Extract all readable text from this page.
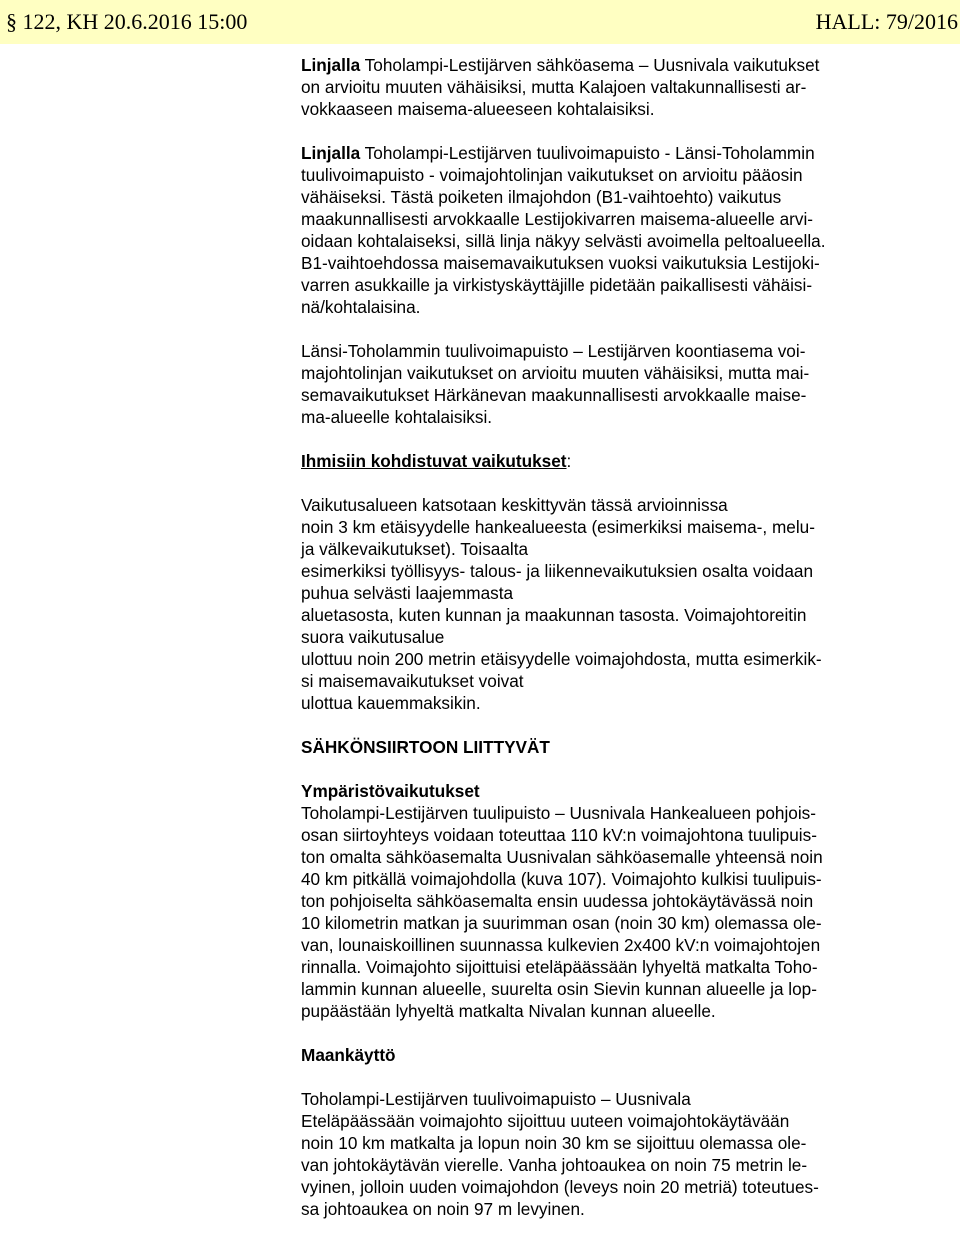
§ 122, KH 20.6.2016 15:00	HALL: 79/2016

Linjalla Toholampi-Lestijärven sähköasema – Uusnivala vaikutukset
on arvioitu muuten vähäisiksi, mutta Kalajoen valtakunnallisesti ar-
vokkaaseen maisema-alueeseen kohtalaisiksi.

Linjalla Toholampi-Lestijärven tuulivoimapuisto - Länsi-Toholammin
tuulivoimapuisto - voimajohtolinjan vaikutukset on arvioitu pääosin
vähäiseksi. Tästä poiketen ilmajohdon (B1-vaihtoehto) vaikutus
maakunnallisesti arvokkaalle Lestijokivarren maisema-alueelle arvi-
oidaan kohtalaiseksi, sillä linja näkyy selvästi avoimella peltoalueella.
B1-vaihtoehdossa maisemavaikutuksen vuoksi vaikutuksia Lestijoki-
varren asukkaille ja virkistyskäyttäjille pidetään paikallisesti vähäisi-
nä/kohtalaisina.

Länsi-Toholammin tuulivoimapuisto – Lestijärven koontiasema voi-
majohtolinjan vaikutukset on arvioitu muuten vähäisiksi, mutta mai-
semavaikutukset Härkänevan maakunnallisesti arvokkaalle maise-
ma-alueelle kohtalaisiksi.

Ihmisiin kohdistuvat vaikutukset:

Vaikutusalueen katsotaan keskittyvän tässä arvioinnissa
noin 3 km etäisyydelle hankealueesta (esimerkiksi maisema-, melu-
ja välkevaikutukset). Toisaalta
esimerkiksi työllisyys- talous- ja liikennevaikutuksien osalta voidaan
puhua selvästi laajemmasta
aluetasosta, kuten kunnan ja maakunnan tasosta. Voimajohtoreitin
suora vaikutusalue
ulottuu noin 200 metrin etäisyydelle voimajohdosta, mutta esimerkik-
si maisemavaikutukset voivat
ulottua kauemmaksikin.

SÄHKÖNSIIRTOON LIITTYVÄT

Ympäristövaikutukset

Toholampi-Lestijärven tuulipuisto – Uusnivala Hankealueen pohjois-
osan siirtoyhteys voidaan toteuttaa 110 kV:n voimajohtona tuulipuis-
ton omalta sähköasemalta Uusnivalan sähköasemalle yhteensä noin
40 km pitkällä voimajohdolla (kuva 107). Voimajohto kulkisi tuulipuis-
ton pohjoiselta sähköasemalta ensin uudessa johtokäytävässä noin
10 kilometrin matkan ja suurimman osan (noin 30 km) olemassa ole-
van, lounaiskoillinen suunnassa kulkevien 2x400 kV:n voimajohtojen
rinnalla. Voimajohto sijoittuisi eteläpäässään lyhyeltä matkalta Toho-
lammin kunnan alueelle, suurelta osin Sievin kunnan alueelle ja lop-
pupäästään lyhyeltä matkalta Nivalan kunnan alueelle.

Maankäyttö

Toholampi-Lestijärven tuulivoimapuisto – Uusnivala
Eteläpäässään voimajohto sijoittuu uuteen voimajohtokäytävään
noin 10 km matkalta ja lopun noin 30 km se sijoittuu olemassa ole-
van johtokäytävän vierelle. Vanha johtoaukea on noin 75 metrin le-
vyinen, jolloin uuden voimajohdon (leveys noin 20 metriä) toteutues-
sa johtoaukea on noin 97 m levyinen.
